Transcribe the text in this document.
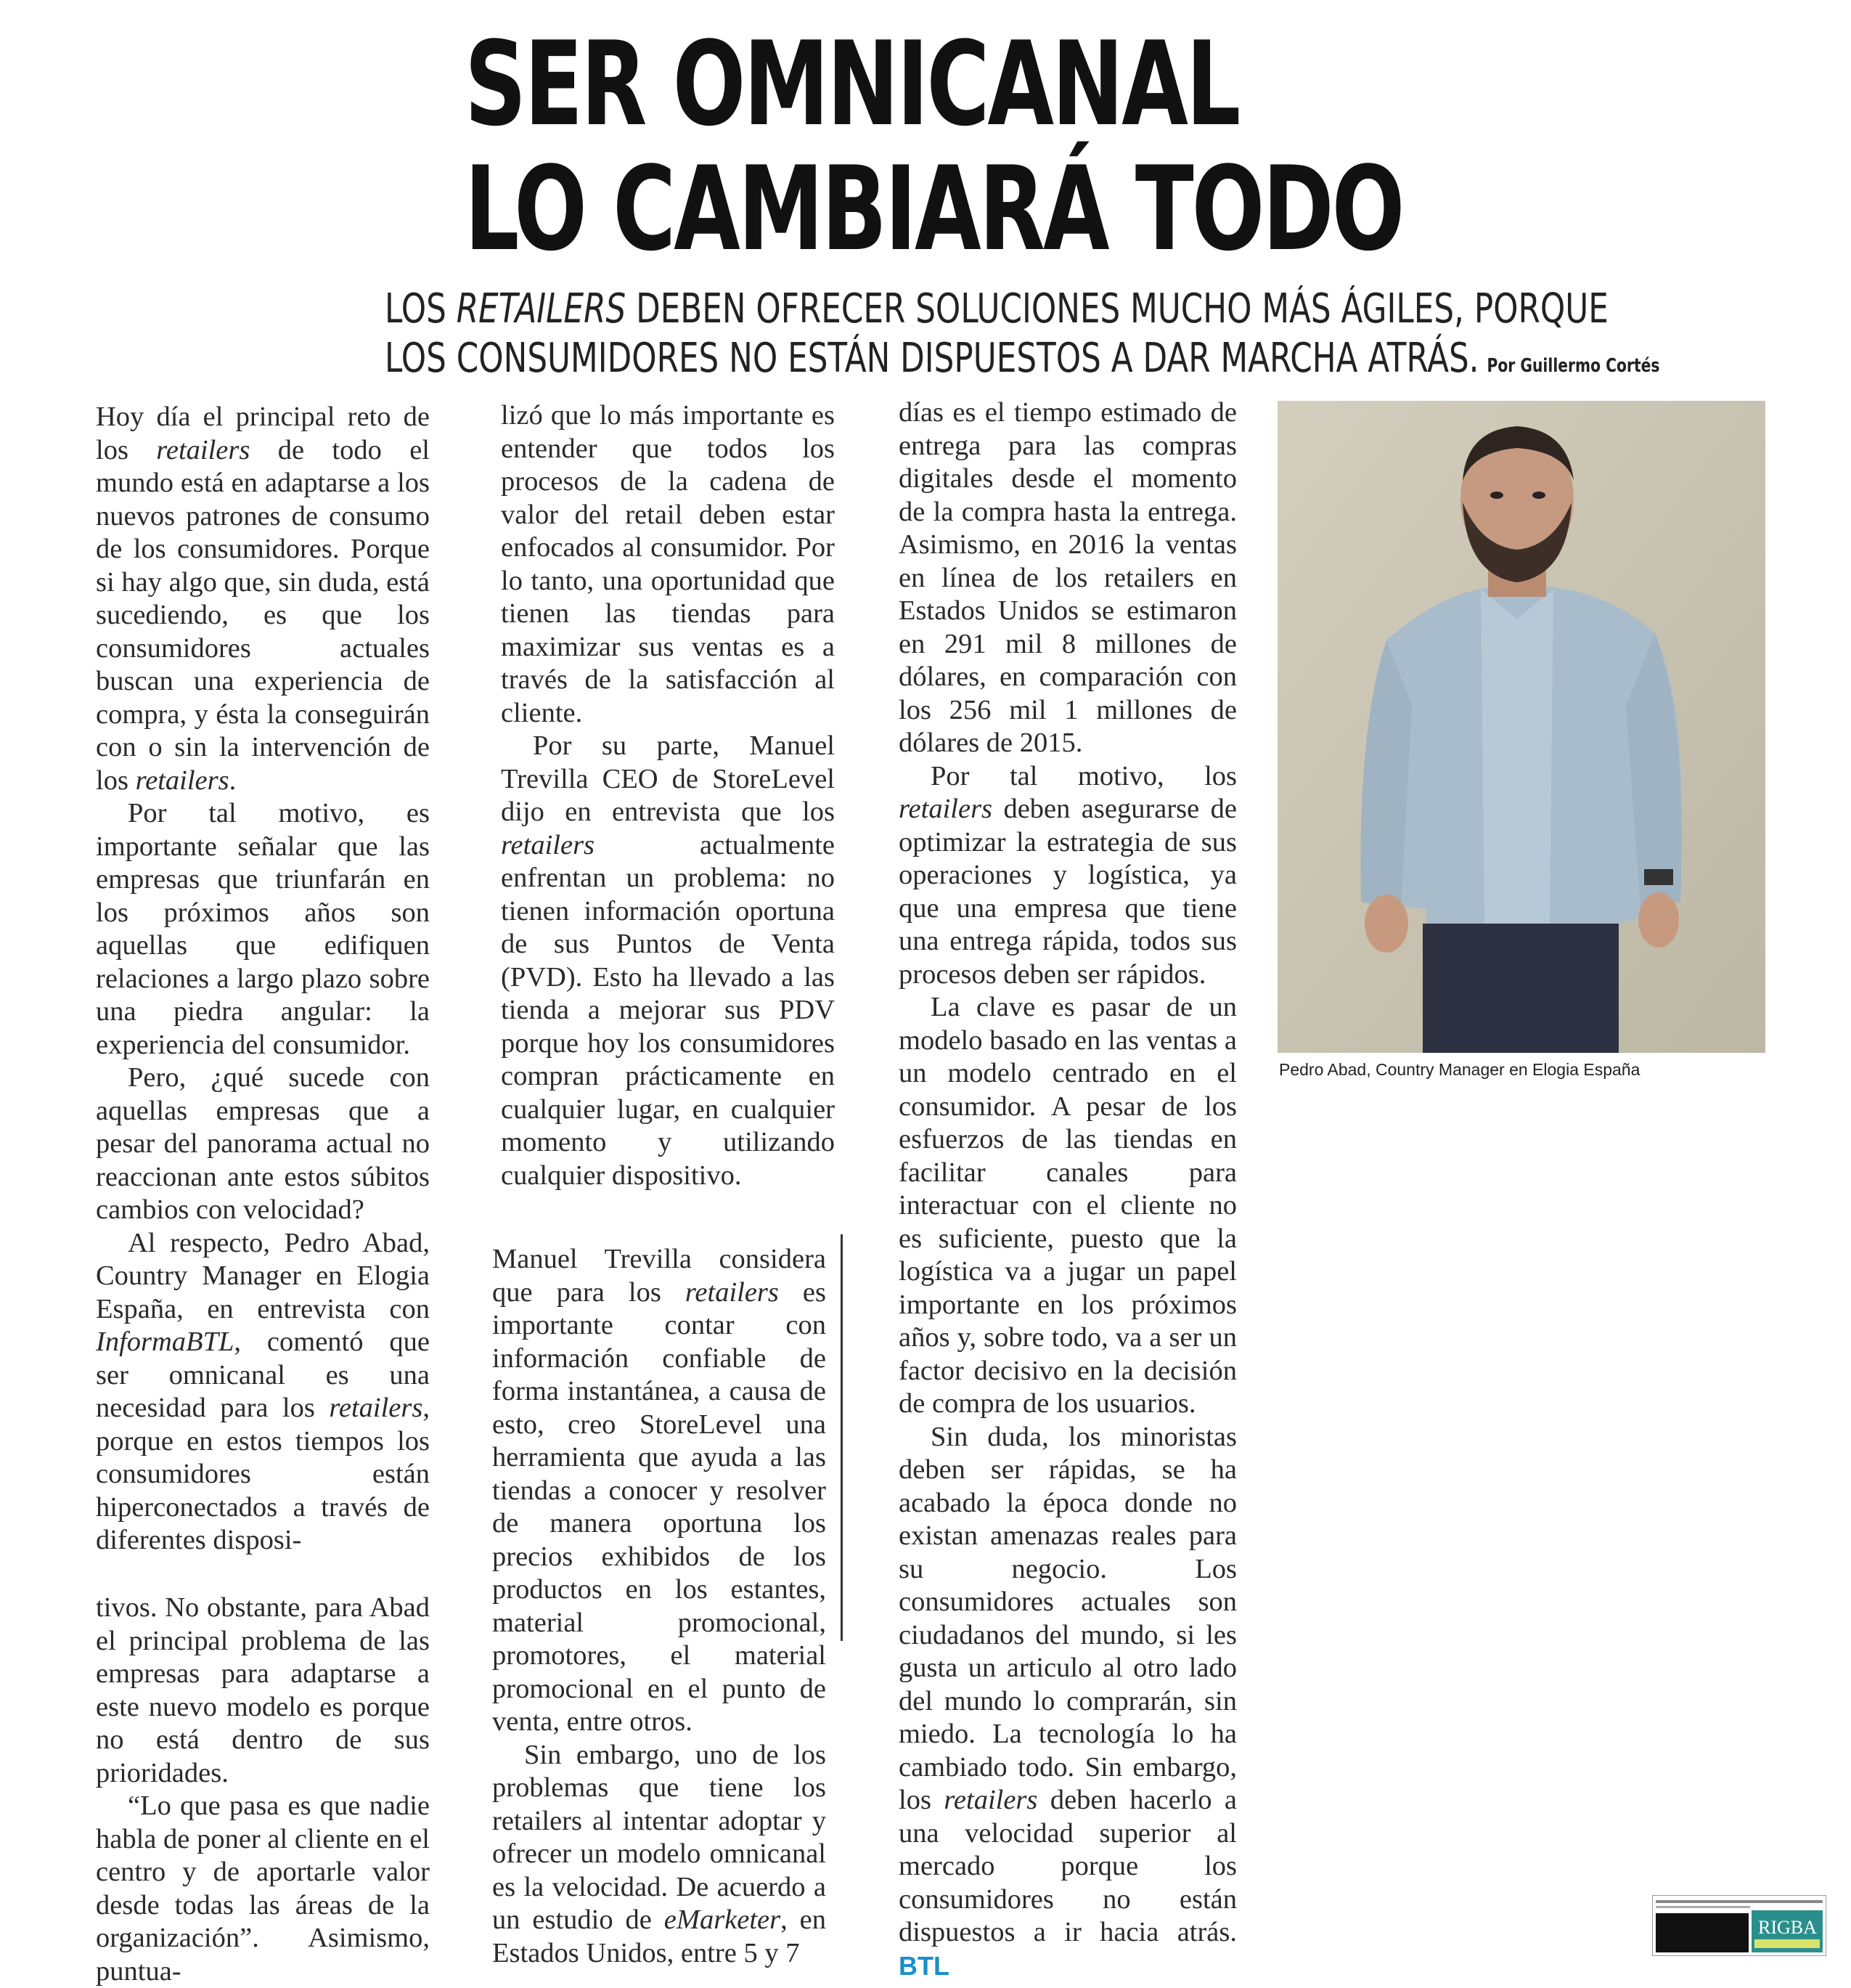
SER OMNICANAL
LO CAMBIARÁ TODO
LOS RETAILERS DEBEN OFRECER SOLUCIONES MUCHO MÁS ÁGILES, PORQUE
LOS CONSUMIDORES NO ESTÁN DISPUESTOS A DAR MARCHA ATRÁS. Por Guillermo Cortés

Hoy día el principal reto de los retailers de todo el mundo está en adaptarse a los nuevos patrones de consumo de los consumidores. Porque si hay algo que, sin duda, está sucediendo, es que los consumidores actuales buscan una experiencia de compra, y ésta la conseguirán con o sin la intervención de los retailers.

Por tal motivo, es importante señalar que las empresas que triunfarán en los próximos años son aquellas que edifiquen relaciones a largo plazo sobre una piedra angular: la experiencia del consumidor.

Pero, ¿qué sucede con aquellas empresas que a pesar del panorama actual no reaccionan ante estos súbitos cambios con velocidad?

Al respecto, Pedro Abad, Country Manager en Elogia España, en entrevista con InformaBTL, comentó que ser omnicanal es una necesidad para los retailers, porque en estos tiempos los consumidores están hiperconectados a través de diferentes disposi-

tivos. No obstante, para Abad el principal problema de las empresas para adaptarse a este nuevo modelo es porque no está dentro de sus prioridades.

“Lo que pasa es que nadie habla de poner al cliente en el centro y de aportarle valor desde todas las áreas de la organización”. Asimismo, puntua-

lizó que lo más importante es entender que todos los procesos de la cadena de valor del retail deben estar enfocados al consumidor. Por lo tanto, una oportunidad que tienen las tiendas para maximizar sus ventas es a través de la satisfacción al cliente.

Por su parte, Manuel Trevilla CEO de StoreLevel dijo en entrevista que los retailers actualmente enfrentan un problema: no tienen información oportuna de sus Puntos de Venta (PVD). Esto ha llevado a las tienda a mejorar sus PDV porque hoy los consumidores compran prácticamente en cualquier lugar, en cualquier momento y utilizando cualquier dispositivo.

Manuel Trevilla considera que para los retailers es importante contar con información confiable de forma instantánea, a causa de esto, creo StoreLevel una herramienta que ayuda a las tiendas a conocer y resolver de manera oportuna los precios exhibidos de los productos en los estantes, material promocional, promotores, el material promocional en el punto de venta, entre otros.

Sin embargo, uno de los problemas que tiene los retailers al intentar adoptar y ofrecer un modelo omnicanal es la velocidad. De acuerdo a un estudio de eMarketer, en Estados Unidos, entre 5 y 7

días es el tiempo estimado de entrega para las compras digitales desde el momento de la compra hasta la entrega. Asimismo, en 2016 la ventas en línea de los retailers en Estados Unidos se estimaron en 291 mil 8 millones de dólares, en comparación con los 256 mil 1 millones de dólares de 2015.

Por tal motivo, los retailers deben asegurarse de optimizar la estrategia de sus operaciones y logística, ya que una empresa que tiene una entrega rápida, todos sus procesos deben ser rápidos.

La clave es pasar de un modelo basado en las ventas a un modelo centrado en el consumidor. A pesar de los esfuerzos de las tiendas en facilitar canales para interactuar con el cliente no es suficiente, puesto que la logística va a jugar un papel importante en los próximos años y, sobre todo, va a ser un factor decisivo en la decisión de compra de los usuarios.

Sin duda, los minoristas deben ser rápidas, se ha acabado la época donde no existan amenazas reales para su negocio. Los consumidores actuales son ciudadanos del mundo, si les gusta un articulo al otro lado del mundo lo comprarán, sin miedo. La tecnología lo ha cambiado todo. Sin embargo, los retailers deben hacerlo a una velocidad superior al mercado porque los consumidores no están dispuestos a ir hacia atrás. BTL

Pedro Abad, Country Manager en Elogia España

RIGBA
